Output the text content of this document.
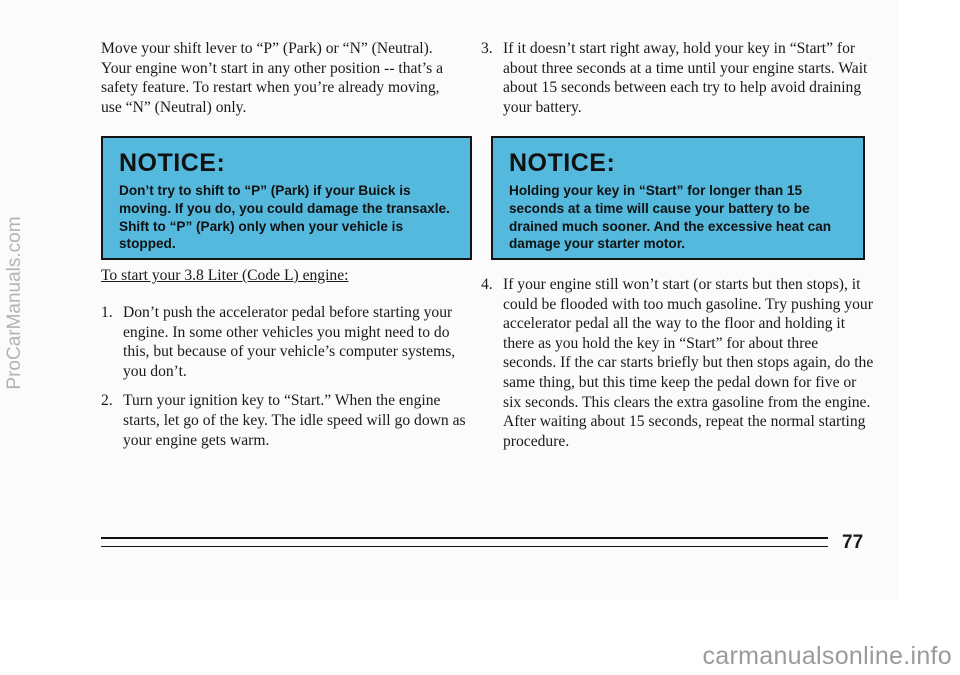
Move your shift lever to “P” (Park) or “N” (Neutral). Your engine won’t start in any other position -- that’s a safety feature. To restart when you’re already moving, use “N” (Neutral) only.

NOTICE:
Don’t try to shift to “P” (Park) if your Buick is moving. If you do, you could damage the transaxle. Shift to “P” (Park) only when your vehicle is stopped.
To start your 3.8 Liter (Code L) engine:

1. Don’t push the accelerator pedal before starting your engine. In some other vehicles you might need to do this, but because of your vehicle’s computer systems, you don’t.

2. Turn your ignition key to “Start.” When the engine starts, let go of the key. The idle speed will go down as your engine gets warm.

3. If it doesn’t start right away, hold your key in “Start” for about three seconds at a time until your engine starts. Wait about 15 seconds between each try to help avoid draining your battery.

NOTICE:
Holding your key in “Start” for longer than 15 seconds at a time will cause your battery to be drained much sooner. And the excessive heat can damage your starter motor.

4. If your engine still won’t start (or starts but then stops), it could be flooded with too much gasoline. Try pushing your accelerator pedal all the way to the floor and holding it there as you hold the key in “Start” for about three seconds. If the car starts briefly but then stops again, do the same thing, but this time keep the pedal down for five or six seconds. This clears the extra gasoline from the engine. After waiting about 15 seconds, repeat the normal starting procedure.

77
ProCarManuals.com
carmanualsonline.info
